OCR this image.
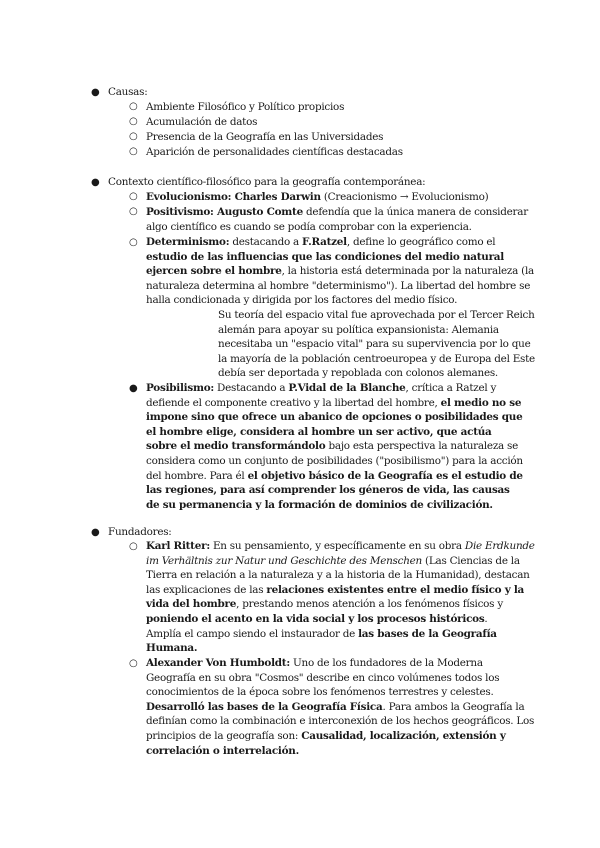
● Causas:
○ Ambiente Filosófico y Político propicios
○ Acumulación de datos
○ Presencia de la Geografía en las Universidades
○ Aparición de personalidades científicas destacadas
● Contexto científico-filosófico para la geografía contemporánea:
○ Evolucionismo: Charles Darwin (Creacionismo → Evolucionismo)
○ Positivismo: Augusto Comte defendía que la única manera de considerar
algo científico es cuando se podía comprobar con la experiencia.
○ Determinismo: destacando a F.Ratzel, define lo geográfico como el
estudio de las influencias que las condiciones del medio natural
ejercen sobre el hombre, la historia está determinada por la naturaleza (la
naturaleza determina al hombre "determinismo"). La libertad del hombre se
halla condicionada y dirigida por los factores del medio físico.
Su teoría del espacio vital fue aprovechada por el Tercer Reich
alemán para apoyar su política expansionista: Alemania
necesitaba un "espacio vital" para su supervivencia por lo que
la mayoría de la población centroeuropea y de Europa del Este
debía ser deportada y repoblada con colonos alemanes.
● Posibilismo: Destacando a P.Vidal de la Blanche, crítica a Ratzel y
defiende el componente creativo y la libertad del hombre, el medio no se
impone sino que ofrece un abanico de opciones o posibilidades que
el hombre elige, considera al hombre un ser activo, que actúa
sobre el medio transformándolo bajo esta perspectiva la naturaleza se
considera como un conjunto de posibilidades ("posibilismo") para la acción
del hombre. Para él el objetivo básico de la Geografía es el estudio de
las regiones, para así comprender los géneros de vida, las causas
de su permanencia y la formación de dominios de civilización.
● Fundadores:
○ Karl Ritter: En su pensamiento, y específicamente en su obra Die Erdkunde
im Verhältnis zur Natur und Geschichte des Menschen (Las Ciencias de la
Tierra en relación a la naturaleza y a la historia de la Humanidad), destacan
las explicaciones de las relaciones existentes entre el medio físico y la
vida del hombre, prestando menos atención a los fenómenos físicos y
poniendo el acento en la vida social y los procesos históricos.
Amplía el campo siendo el instaurador de las bases de la Geografía
Humana.
○ Alexander Von Humboldt: Uno de los fundadores de la Moderna
Geografía en su obra "Cosmos" describe en cinco volúmenes todos los
conocimientos de la época sobre los fenómenos terrestres y celestes.
Desarrolló las bases de la Geografía Física. Para ambos la Geografía la
definían como la combinación e interconexión de los hechos geográficos. Los
principios de la geografía son: Causalidad, localización, extensión y
correlación o interrelación.
